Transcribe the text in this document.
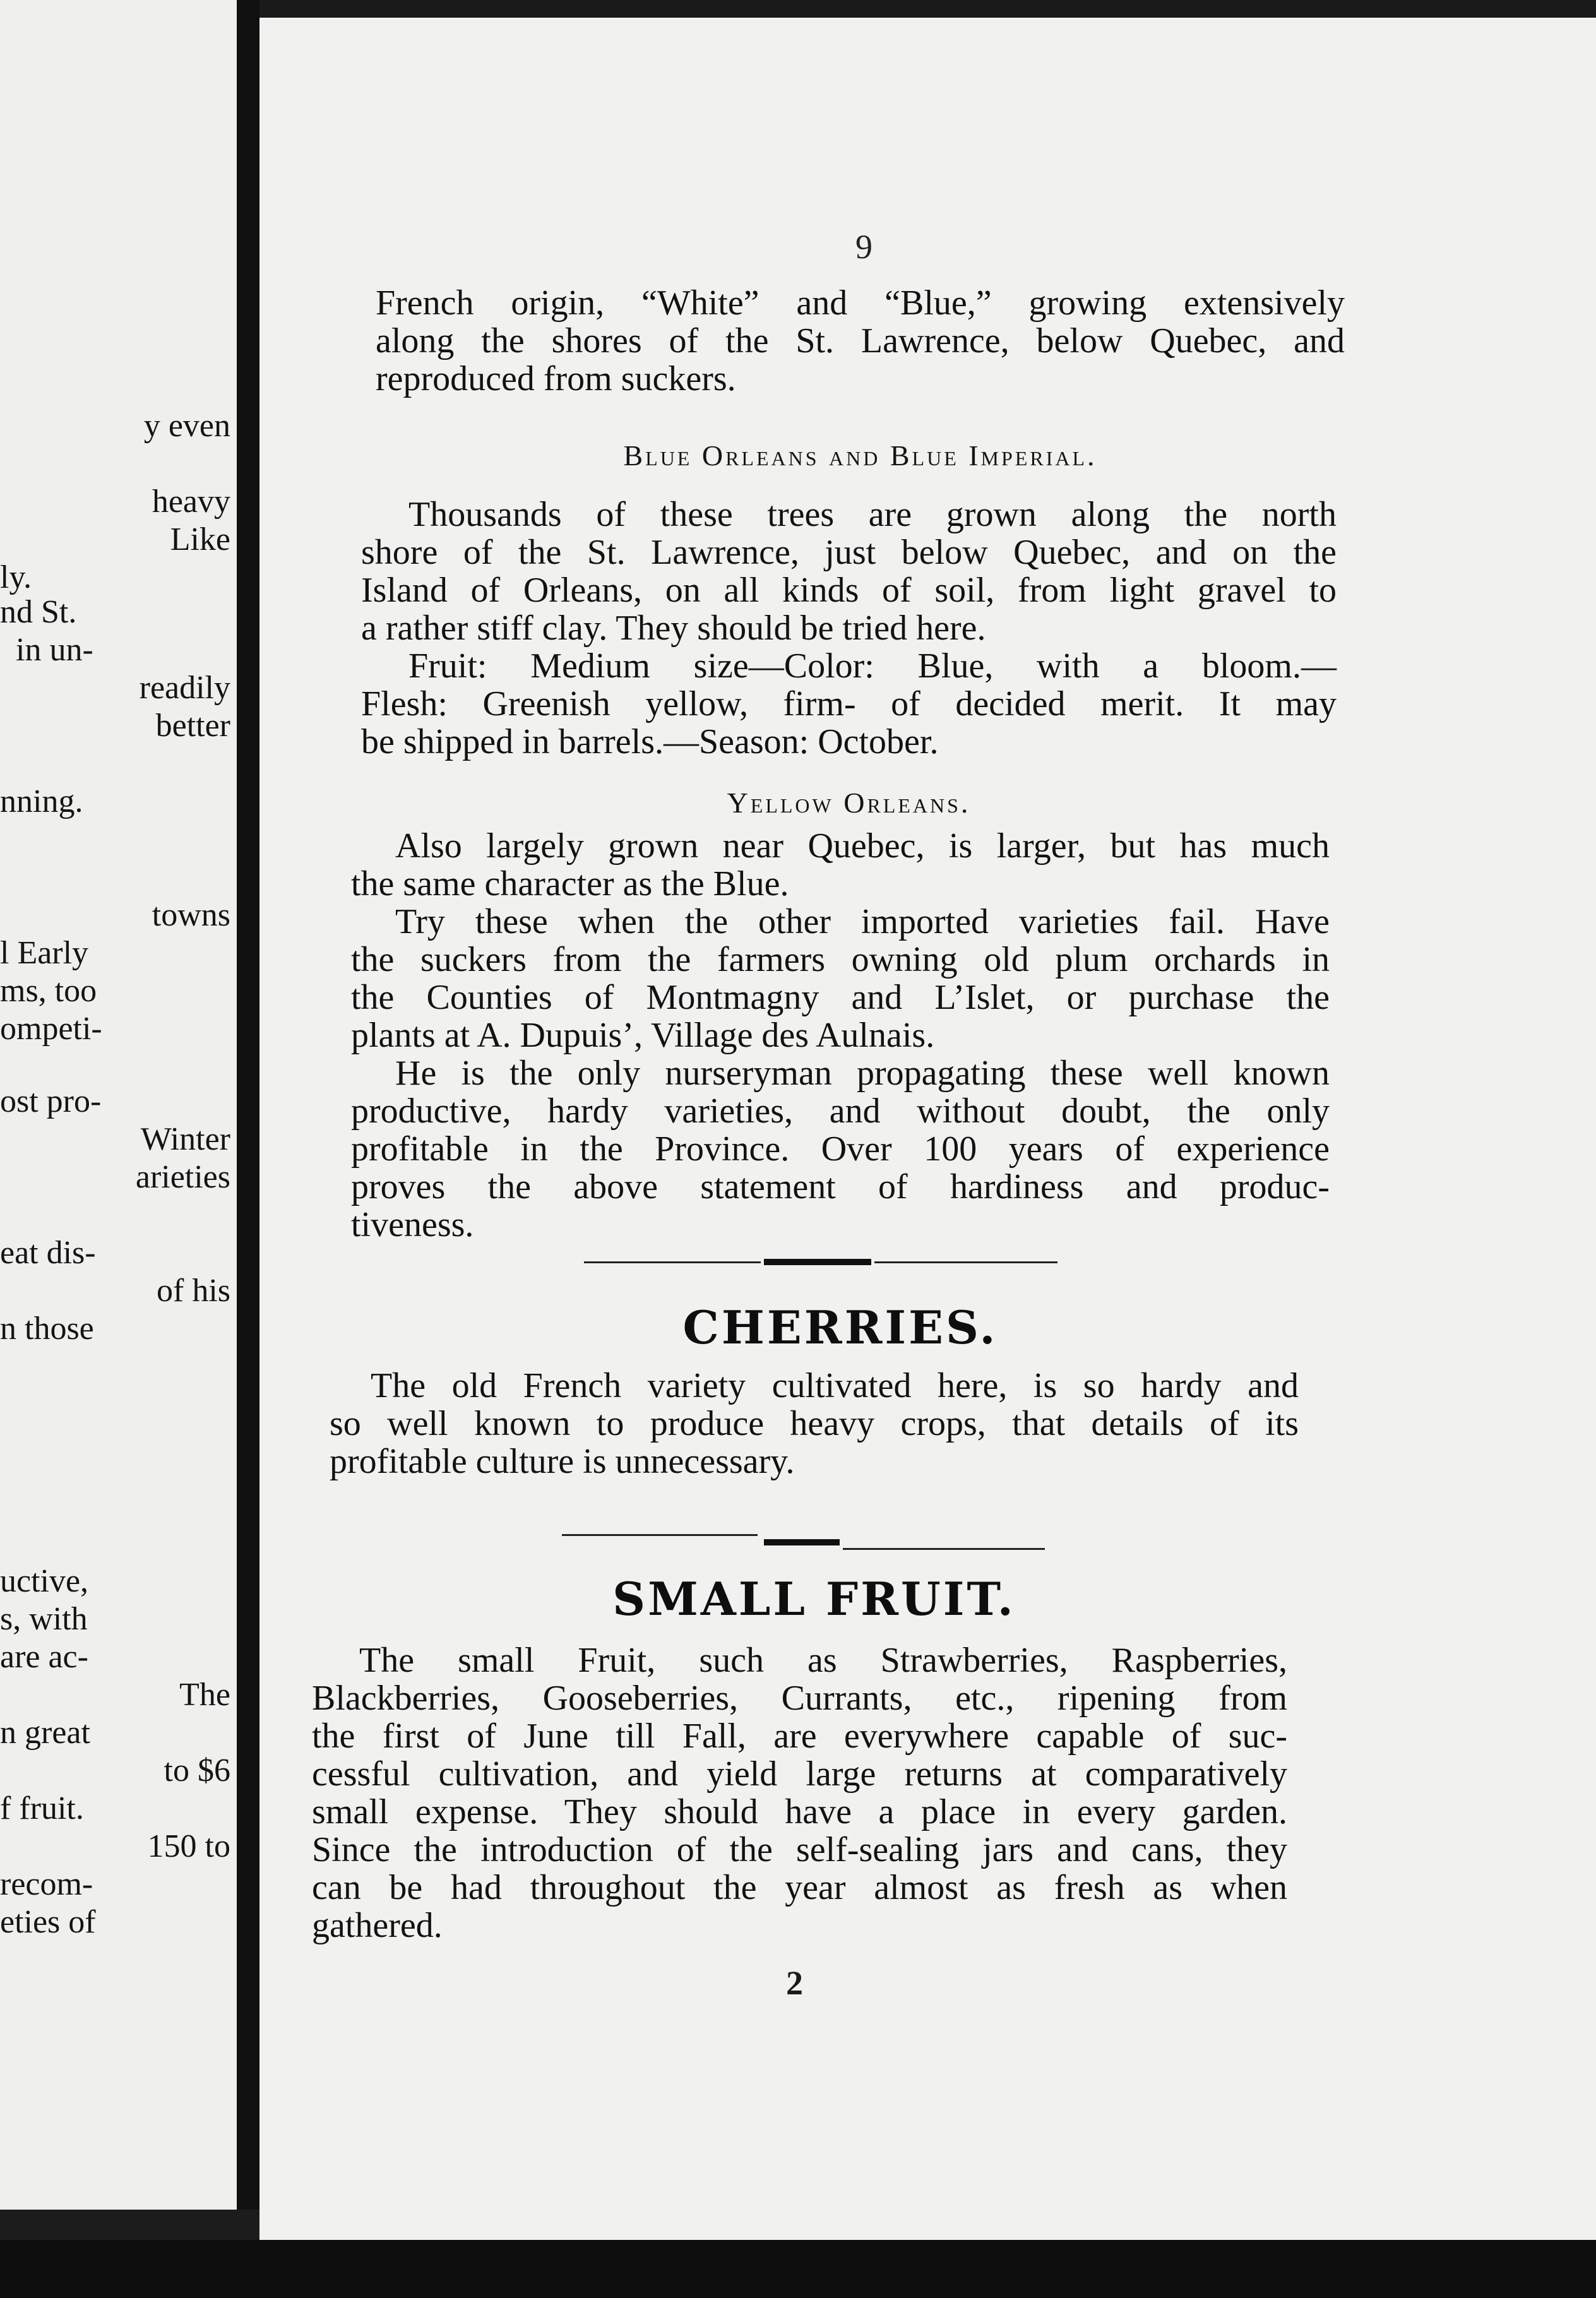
y even
heavy
Like
ly.
nd St.
in un-
readily
better
nning.
towns
l Early
ms, too
ompeti-
ost pro-
Winter
arieties
eat dis-
of his
n those
uctive,
s, with
are ac-
The
n great
to $6
f fruit.
150 to
recom-
eties of
9
French origin, “White” and “Blue,” growing extensively
along the shores of the St. Lawrence, below Quebec, and
reproduced from suckers.
Blue Orleans and Blue Imperial.
Thousands of these trees are grown along the north
shore of the St. Lawrence, just below Quebec, and on the
Island of Orleans, on all kinds of soil, from light gravel to
a rather stiff clay. They should be tried here.
Fruit: Medium size—Color: Blue, with a bloom.—
Flesh: Greenish yellow, firm- of decided merit. It may
be shipped in barrels.—Season: October.
Yellow Orleans.
Also largely grown near Quebec, is larger, but has much
the same character as the Blue.
Try these when the other imported varieties fail. Have
the suckers from the farmers owning old plum orchards in
the Counties of Montmagny and L’Islet, or purchase the
plants at A. Dupuis’, Village des Aulnais.
He is the only nurseryman propagating these well known
productive, hardy varieties, and without doubt, the only
profitable in the Province. Over 100 years of experience
proves the above statement of hardiness and produc-
tiveness.
CHERRIES.
The old French variety cultivated here, is so hardy and
so well known to produce heavy crops, that details of its
profitable culture is unnecessary.
SMALL FRUIT.
The small Fruit, such as Strawberries, Raspberries,
Blackberries, Gooseberries, Currants, etc., ripening from
the first of June till Fall, are everywhere capable of suc-
cessful cultivation, and yield large returns at comparatively
small expense. They should have a place in every garden.
Since the introduction of the self-sealing jars and cans, they
can be had throughout the year almost as fresh as when
gathered.
2
